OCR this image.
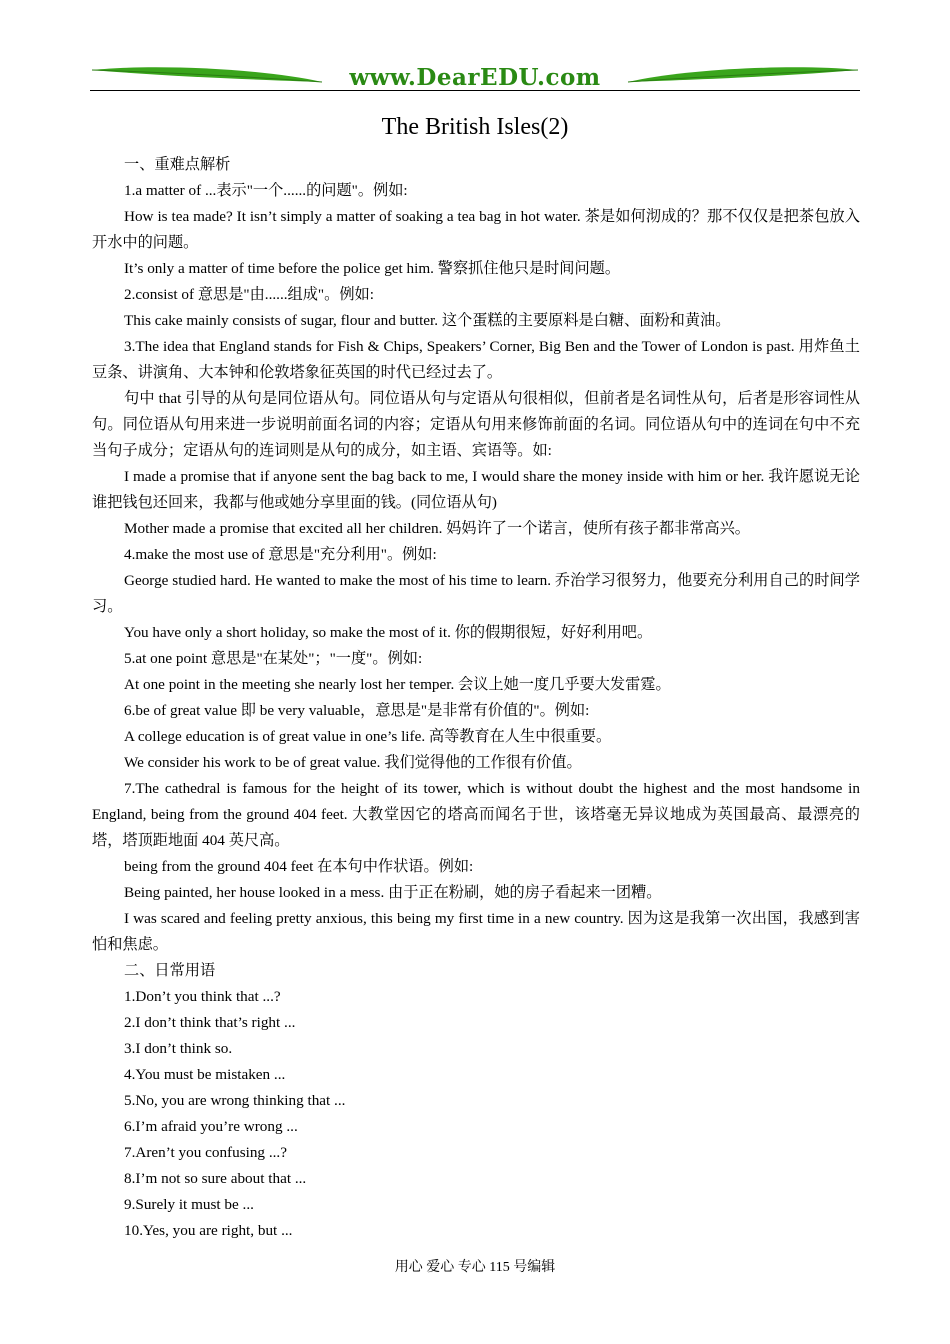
www.DearEDU.com
The British Isles(2)

一、重难点解析

1.a matter of ...表示"一个......的问题"。例如:

How is tea made? It isn’t simply a matter of soaking a tea bag in hot water. 茶是如何沏成的？那不仅仅是把茶包放入开水中的问题。

It’s only a matter of time before the police get him. 警察抓住他只是时间问题。

2.consist of 意思是"由......组成"。例如:

This cake mainly consists of sugar, flour and butter. 这个蛋糕的主要原料是白糖、面粉和黄油。

3.The idea that England stands for Fish & Chips, Speakers’ Corner, Big Ben and the Tower of London is past. 用炸鱼土豆条、讲演角、大本钟和伦敦塔象征英国的时代已经过去了。

句中 that 引导的从句是同位语从句。同位语从句与定语从句很相似，但前者是名词性从句，后者是形容词性从句。同位语从句用来进一步说明前面名词的内容；定语从句用来修饰前面的名词。同位语从句中的连词在句中不充当句子成分；定语从句的连词则是从句的成分，如主语、宾语等。如:

I made a promise that if anyone sent the bag back to me, I would share the money inside with him or her. 我许愿说无论谁把钱包还回来，我都与他或她分享里面的钱。(同位语从句)

Mother made a promise that excited all her children. 妈妈许了一个诺言，使所有孩子都非常高兴。

4.make the most use of 意思是"充分利用"。例如:

George studied hard. He wanted to make the most of his time to learn. 乔治学习很努力，他要充分利用自己的时间学习。

You have only a short holiday, so make the most of it. 你的假期很短，好好利用吧。

5.at one point 意思是"在某处"；"一度"。例如:

At one point in the meeting she nearly lost her temper. 会议上她一度几乎要大发雷霆。

6.be of great value 即 be very valuable，意思是"是非常有价值的"。例如:

A college education is of great value in one’s life. 高等教育在人生中很重要。

We consider his work to be of great value. 我们觉得他的工作很有价值。

7.The cathedral is famous for the height of its tower, which is without doubt the highest and the most handsome in England, being from the ground 404 feet. 大教堂因它的塔高而闻名于世，该塔毫无异议地成为英国最高、最漂亮的塔，塔顶距地面 404 英尺高。

being from the ground 404 feet 在本句中作状语。例如:

Being painted, her house looked in a mess. 由于正在粉刷，她的房子看起来一团糟。

I was scared and feeling pretty anxious, this being my first time in a new country. 因为这是我第一次出国，我感到害怕和焦虑。

二、日常用语

1.Don’t you think that ...?

2.I don’t think that’s right ...

3.I don’t think so.

4.You must be mistaken ...

5.No, you are wrong thinking that ...

6.I’m afraid you’re wrong ...

7.Aren’t you confusing ...?

8.I’m not so sure about that ...

9.Surely it must be ...

10.Yes, you are right, but ...

用心 爱心 专心 115 号编辑
